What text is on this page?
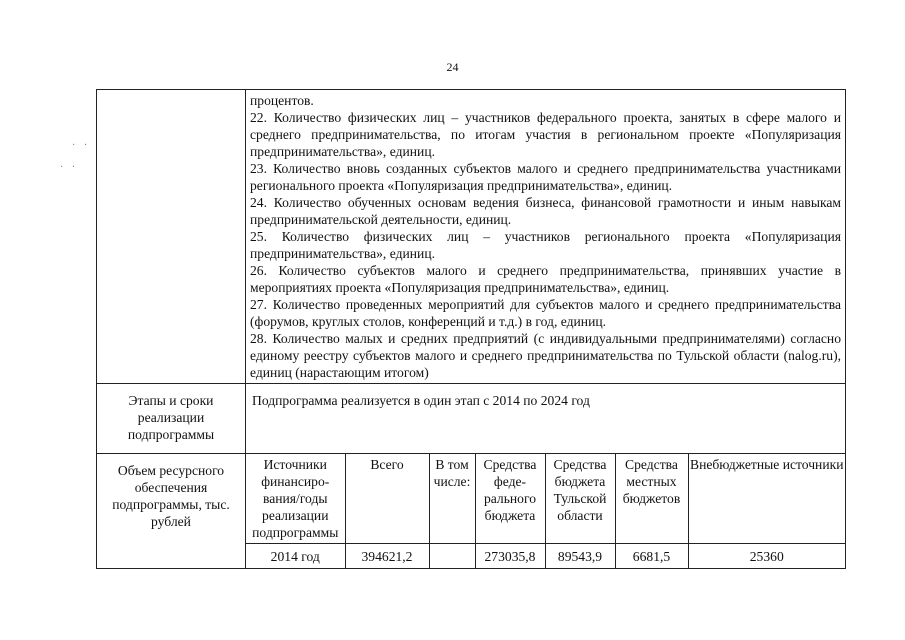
24
· ·
· ·

процентов.

22. Количество физических лиц – участников федерального проекта, занятых в сфере малого и среднего предпринимательства, по итогам участия в региональном проекте «Популяризация предпринимательства», единиц.

23. Количество вновь созданных субъектов малого и среднего предпринимательства участниками регионального проекта «Популяризация предпринимательства», единиц.

24. Количество обученных основам ведения бизнеса, финансовой грамотности и иным навыкам предпринимательской деятельности, единиц.

25. Количество физических лиц – участников регионального проекта «Популяризация предпринимательства», единиц.

26. Количество субъектов малого и среднего предпринимательства, принявших участие в мероприятиях проекта «Популяризация предпринимательства», единиц.

27. Количество проведенных мероприятий для субъектов малого и среднего предпринимательства (форумов, круглых столов, конференций и т.д.) в год, единиц.

28. Количество малых и средних предприятий (с индивидуальными предпринимателями) согласно единому реестру субъектов малого и среднего предпринимательства по Тульской области (nalog.ru), единиц (нарастающим итогом)

Этапы и сроки реализации подпрограммы	Подпрограмма реализуется в один этап с 2014 по 2024 год
Объем ресурсного обеспечения подпрограммы, тыс. рублей	
Источники финансиро-вания/годы реализации подпрограммы	Всего	В том числе:	Средства феде-рального бюджета	Средства бюджета Тульской области	Средства местных бюджетов	Внебюджетные источники
2014 год	394621,2		273035,8	89543,9	6681,5	25360
